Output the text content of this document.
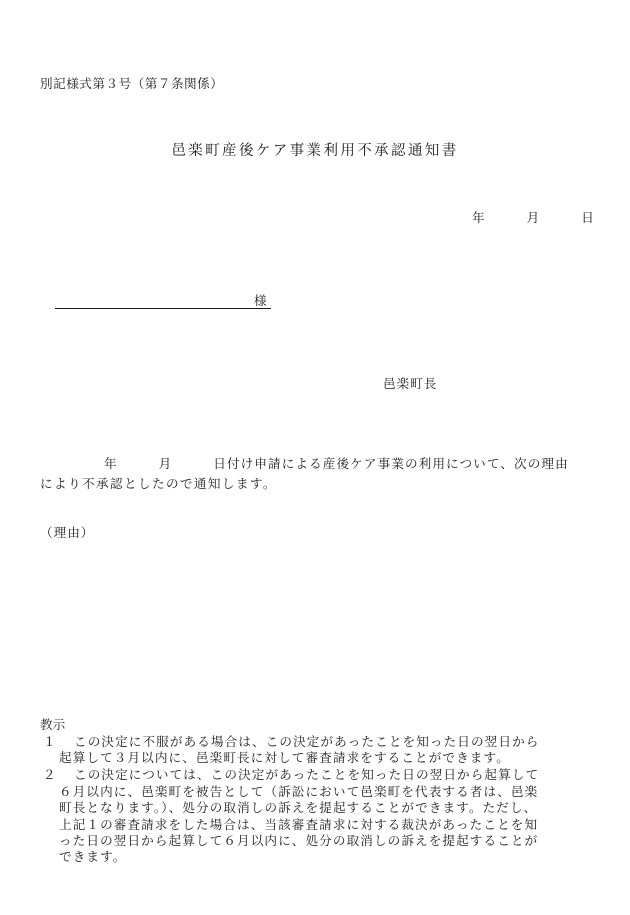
別記様式第３号（第７条関係）
邑楽町産後ケア事業利用不承認通知書
年	月	日
様
邑楽町長
年	月	日付け申請による産後ケア事業の利用について、次の理由
により不承認としたので通知します。
（理由）
教示
１ この決定に不服がある場合は、この決定があったことを知った日の翌日から
起算して３月以内に、邑楽町長に対して審査請求をすることができます。
２ この決定については、この決定があったことを知った日の翌日から起算して
６月以内に、邑楽町を被告として（訴訟において邑楽町を代表する者は、邑楽
町長となります。）、処分の取消しの訴えを提起することができます。ただし、
上記１の審査請求をした場合は、当該審査請求に対する裁決があったことを知
った日の翌日から起算して６月以内に、処分の取消しの訴えを提起することが
できます。
